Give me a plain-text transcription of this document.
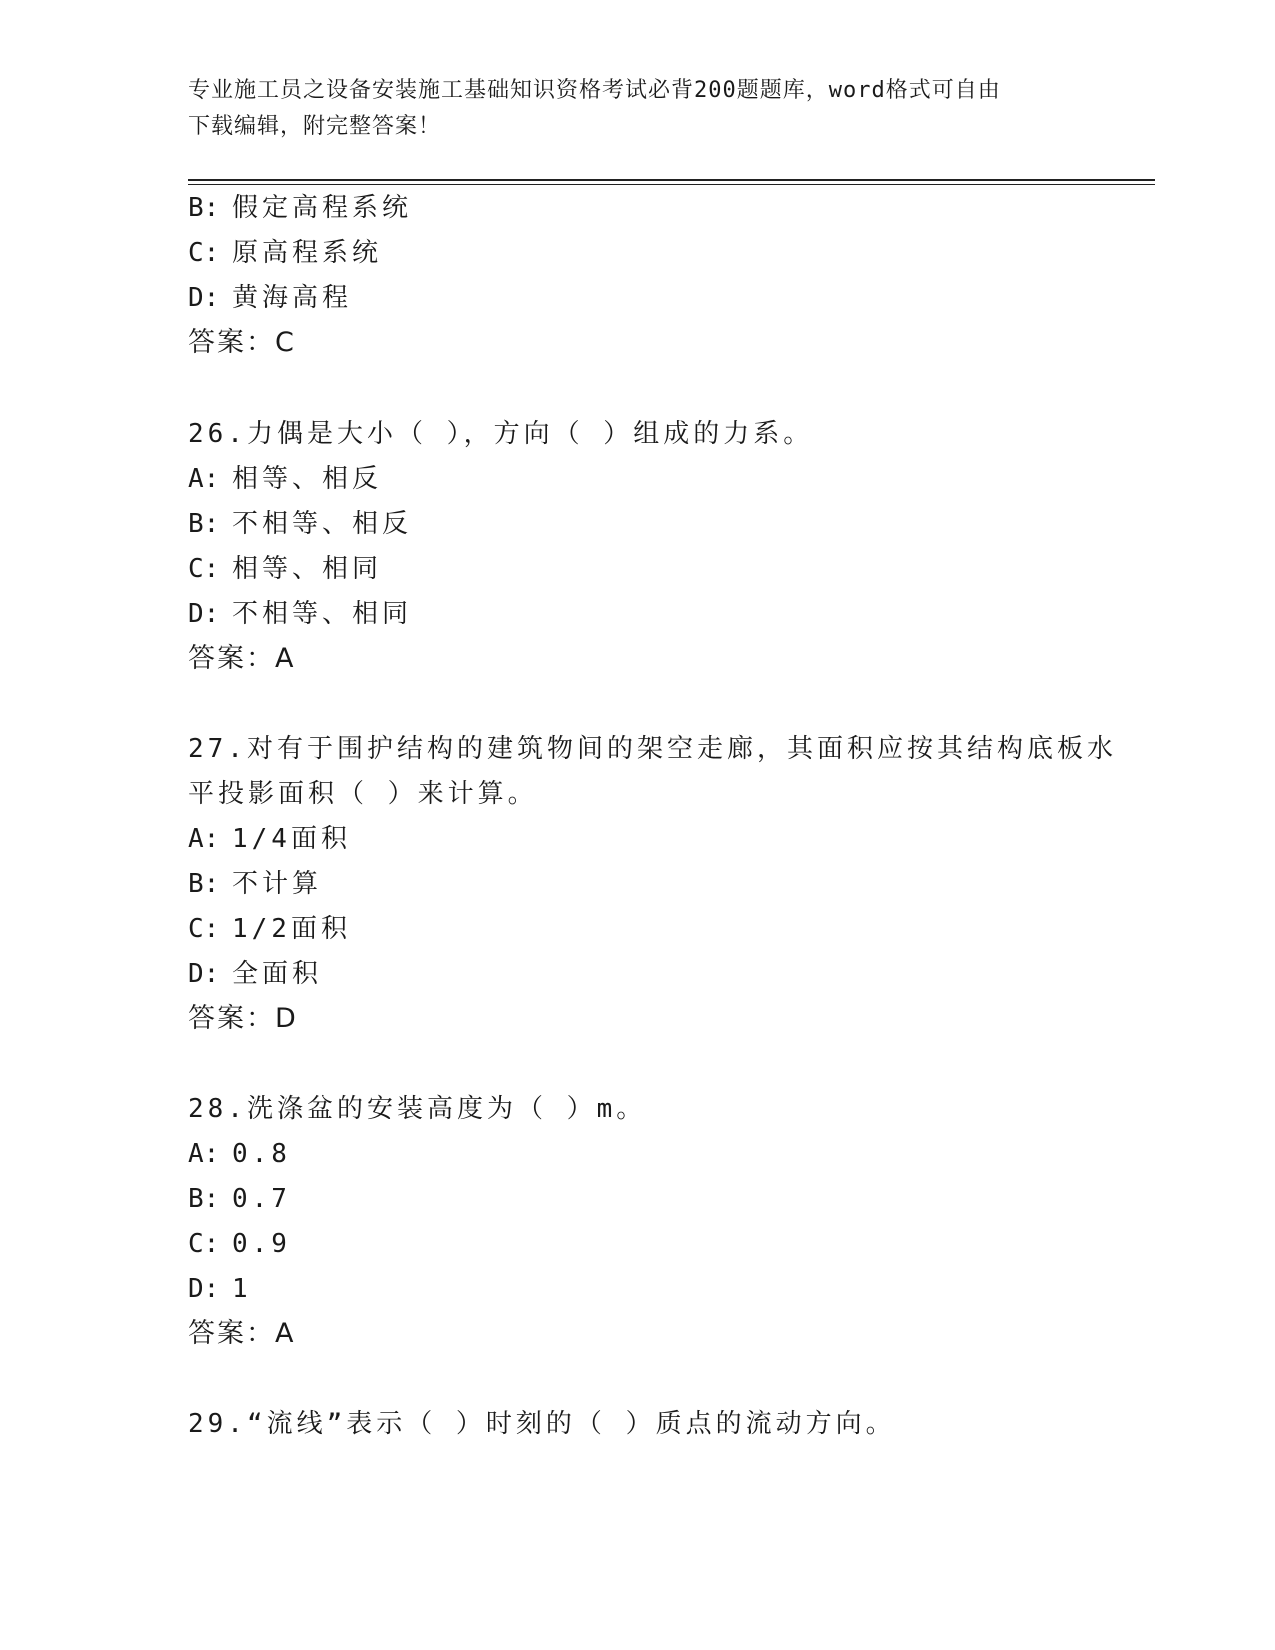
专业施工员之设备安装施工基础知识资格考试必背200题题库，word格式可自由
下载编辑，附完整答案！
B: 假定高程系统
C: 原高程系统
D: 黄海高程
答案：C
26.力偶是大小（ ），方向（ ）组成的力系。
A: 相等、相反
B: 不相等、相反
C: 相等、相同
D: 不相等、相同
答案：A
27.对有于围护结构的建筑物间的架空走廊，其面积应按其结构底板水
平投影面积（ ）来计算。
A: 1/4面积
B: 不计算
C: 1/2面积
D: 全面积
答案：D
28.洗涤盆的安装高度为（ ）m。
A: 0.8
B: 0.7
C: 0.9
D: 1
答案：A
29.“流线”表示（ ）时刻的（ ）质点的流动方向。
